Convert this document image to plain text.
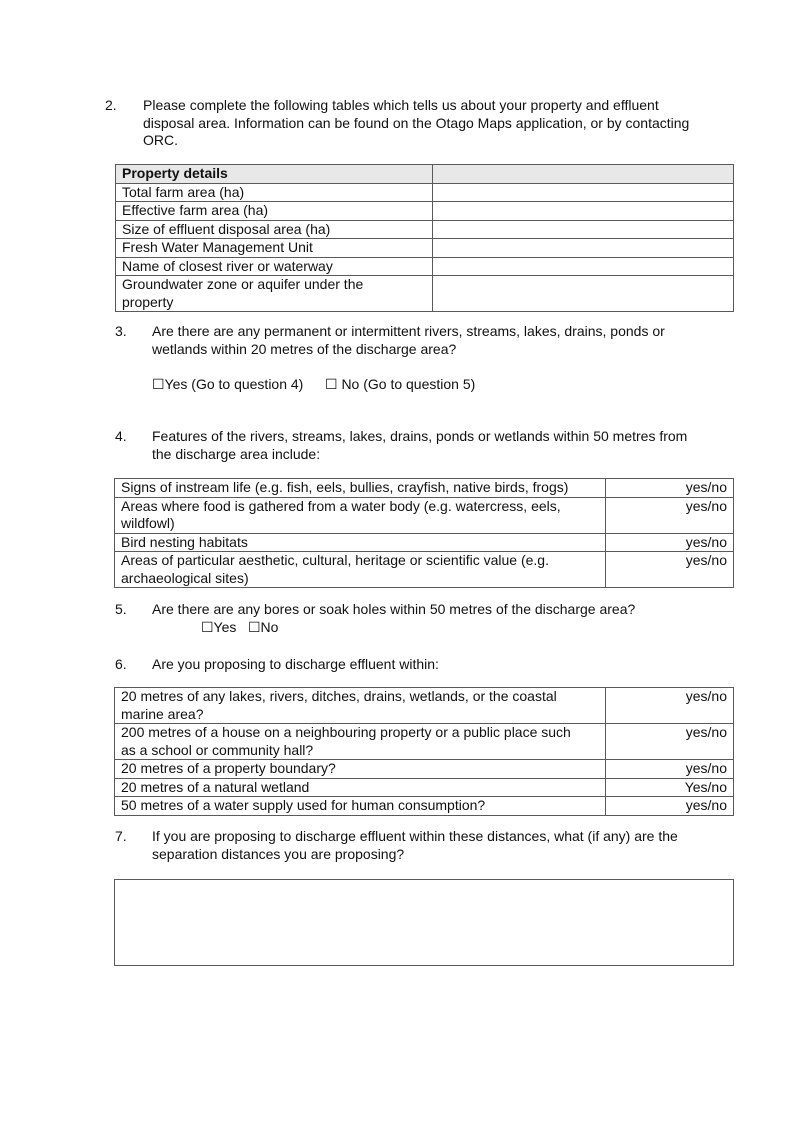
2. Please complete the following tables which tells us about your property and effluent
disposal area. Information can be found on the Otago Maps application, or by contacting
ORC.
Property details	
Total farm area (ha)	
Effective farm area (ha)	
Size of effluent disposal area (ha)	
Fresh Water Management Unit	
Name of closest river or waterway	

Groundwater zone or aquifer under the
property	

3. Are there are any permanent or intermittent rivers, streams, lakes, drains, ponds or
wetlands within 20 metres of the discharge area?
☐Yes (Go to question 4) ☐ No (Go to question 5)
4. Features of the rivers, streams, lakes, drains, ponds or wetlands within 50 metres from
the discharge area include:
Signs of instream life (e.g. fish, eels, bullies, crayfish, native birds, frogs)	yes/no

Areas where food is gathered from a water body (e.g. watercress, eels,
wildfowl)	yes/no
Bird nesting habitats	yes/no

Areas of particular aesthetic, cultural, heritage or scientific value (e.g.
archaeological sites)	yes/no
5. Are there are any bores or soak holes within 50 metres of the discharge area?
☐Yes ☐No
6. Are you proposing to discharge effluent within:
20 metres of any lakes, rivers, ditches, drains, wetlands, or the coastal
marine area?	yes/no

200 metres of a house on a neighbouring property or a public place such
as a school or community hall?	yes/no
20 metres of a property boundary?	yes/no
20 metres of a natural wetland	Yes/no
50 metres of a water supply used for human consumption?	yes/no
7. If you are proposing to discharge effluent within these distances, what (if any) are the
separation distances you are proposing?
